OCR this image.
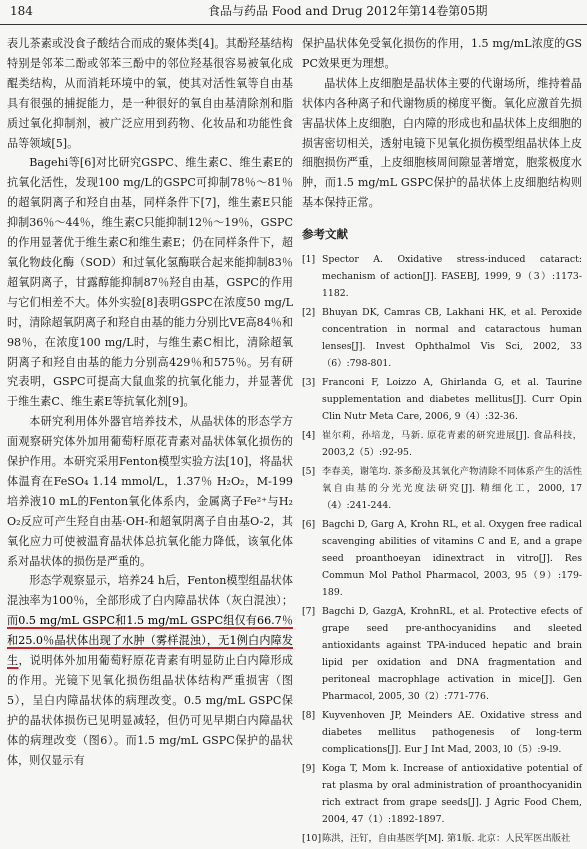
184	食品与药品 Food and Drug 2012年第14卷第05期

表儿茶素或没食子酸结合而成的聚体类[4]。其酚羟基结构特别是邻苯二酚或邻苯三酚中的邻位羟基很容易被氧化成醌类结构，从而消耗环境中的氧，使其对活性氧等自由基具有很强的捕捉能力，是一种很好的氧自由基清除剂和脂质过氧化抑制剂，被广泛应用到药物、化妆品和功能性食品等领域[5]。

Bagehi等[6]对比研究GSPC、维生素C、维生素E的抗氧化活性，发现100 mg/L的GSPC可抑制78％～81％的超氧阴离子和羟自由基，同样条件下[7]，维生素E只能抑制36％～44％，维生素C只能抑制12％～19％，GSPC的作用显著优于维生素C和维生素E；仍在同样条件下，超氧化物歧化酶（SOD）和过氧化氢酶联合起来能抑制83％超氧阴离子，甘露醇能抑制87％羟自由基，GSPC的作用与它们相差不大。体外实验[8]表明GSPC在浓度50 mg/L时，清除超氧阴离子和羟自由基的能力分别比VE高84％和98％，在浓度100 mg/L时，与维生素C相比，清除超氧阴离子和羟自由基的能力分别高429％和575％。另有研究表明，GSPC可提高大鼠血浆的抗氧化能力，并显著优于维生素C、维生素E等抗氧化剂[9]。

本研究利用体外器官培养技术，从晶状体的形态学方面观察研究体外加用葡萄籽原花青素对晶状体氧化损伤的保护作用。本研究采用Fenton模型实验方法[10]，将晶状体温育在FeSO₄ 1.14 mmol/L，1.37％ H₂O₂，M-199培养液10 mL的Fenton氧化体系内，金属离子Fe²⁺与H₂O₂反应可产生羟自由基·OH-和超氧阴离子自由基O-2，其氧化应力可使被温育晶状体总抗氧化能力降低，该氧化体系对晶状体的损伤是严重的。

形态学观察显示，培养24 h后，Fenton模型组晶状体混浊率为100％，全部形成了白内障晶状体（灰白混浊）；而0.5 mg/mL GSPC和1.5 mg/mL GSPC组仅有66.7％和25.0％晶状体出现了水肿（雾样混浊），无1例白内障发生，说明体外加用葡萄籽原花青素有明显防止白内障形成的作用。光镜下见氧化损伤组晶状体结构严重损害（图5），呈白内障晶状体的病理改变。0.5 mg/mL GSPC保护的晶状体损伤已见明显减轻，但仍可见早期白内障晶状体的病理改变（图6）。而1.5 mg/mL GSPC保护的晶状体，则仅显示有

保护晶状体免受氧化损伤的作用，1.5 mg/mL浓度的GSPC效果更为理想。

晶状体上皮细胞是晶状体主要的代谢场所，维持着晶状体内各种离子和代谢物质的梯度平衡。氧化应激首先损害晶状体上皮细胞，白内障的形成也和晶状体上皮细胞的损害密切相关，透射电镜下见氧化损伤模型组晶状体上皮细胞损伤严重，上皮细胞核周间隙显著增宽，胞浆极度水肿，而1.5 mg/mL GSPC保护的晶状体上皮细胞结构则基本保持正常。

参考文献
[1] Spector A. Oxidative stress-induced cataract: mechanism of action[J]. FASEBJ, 1999, 9（3）:1173-1182.
[2] Bhuyan DK, Camras CB, Lakhani HK, et al. Peroxide concentration in normal and cataractous human lenses[J]. Invest Ophthalmol Vis Sci, 2002, 33（6）:798-801.
[3] Franconi F, Loizzo A, Ghirlanda G, et al. Taurine supplementation and diabetes mellitus[J]. Curr Opin Clin Nutr Meta Care, 2006, 9（4）:32-36.
[4] 崔尔莉，孙培龙，马新. 原花青素的研究进展[J]. 食品科技，2003,2（5）:92-95.
[5] 李春美，谢笔均. 茶多酚及其氧化产物清除不同体系产生的活性氧自由基的分光光度法研究[J]. 精细化工，2000, 17（4）:241-244.
[6] Bagchi D, Garg A, Krohn RL, et al. Oxygen free radical scavenging abilities of vitamins C and E, and a grape seed proanthoeyan idinextract in vitro[J]. Res Commun Mol Pathol Pharmacol, 2003, 95（9）:179-189.
[7] Bagchi D, GazgA, KrohnRL, et al. Protective efects of grape seed pre-anthocyanidins and sleeted antioxidants against TPA-induced hepatic and brain lipid per oxidation and DNA fragmentation and peritoneal macrophlage activation in mice[J]. Gen Pharmacol, 2005, 30（2）:771-776.
[8] Kuyvenhoven JP, Meinders AE. Oxidative stress and diabetes mellitus pathogenesis of long-term complications[J]. Eur J Int Mad, 2003, l0（5）:9-l9.
[9] Koga T, Mom k. Increase of antioxidative potential of rat plasma by oral administration of proanthocyanidin rich extract from grape seeds[J]. J Agric Food Chem, 2004, 47（1）:1892-1897.
[10] 陈洪，汪钉，自由基医学[M]. 第1版. 北京：人民军医出版社
